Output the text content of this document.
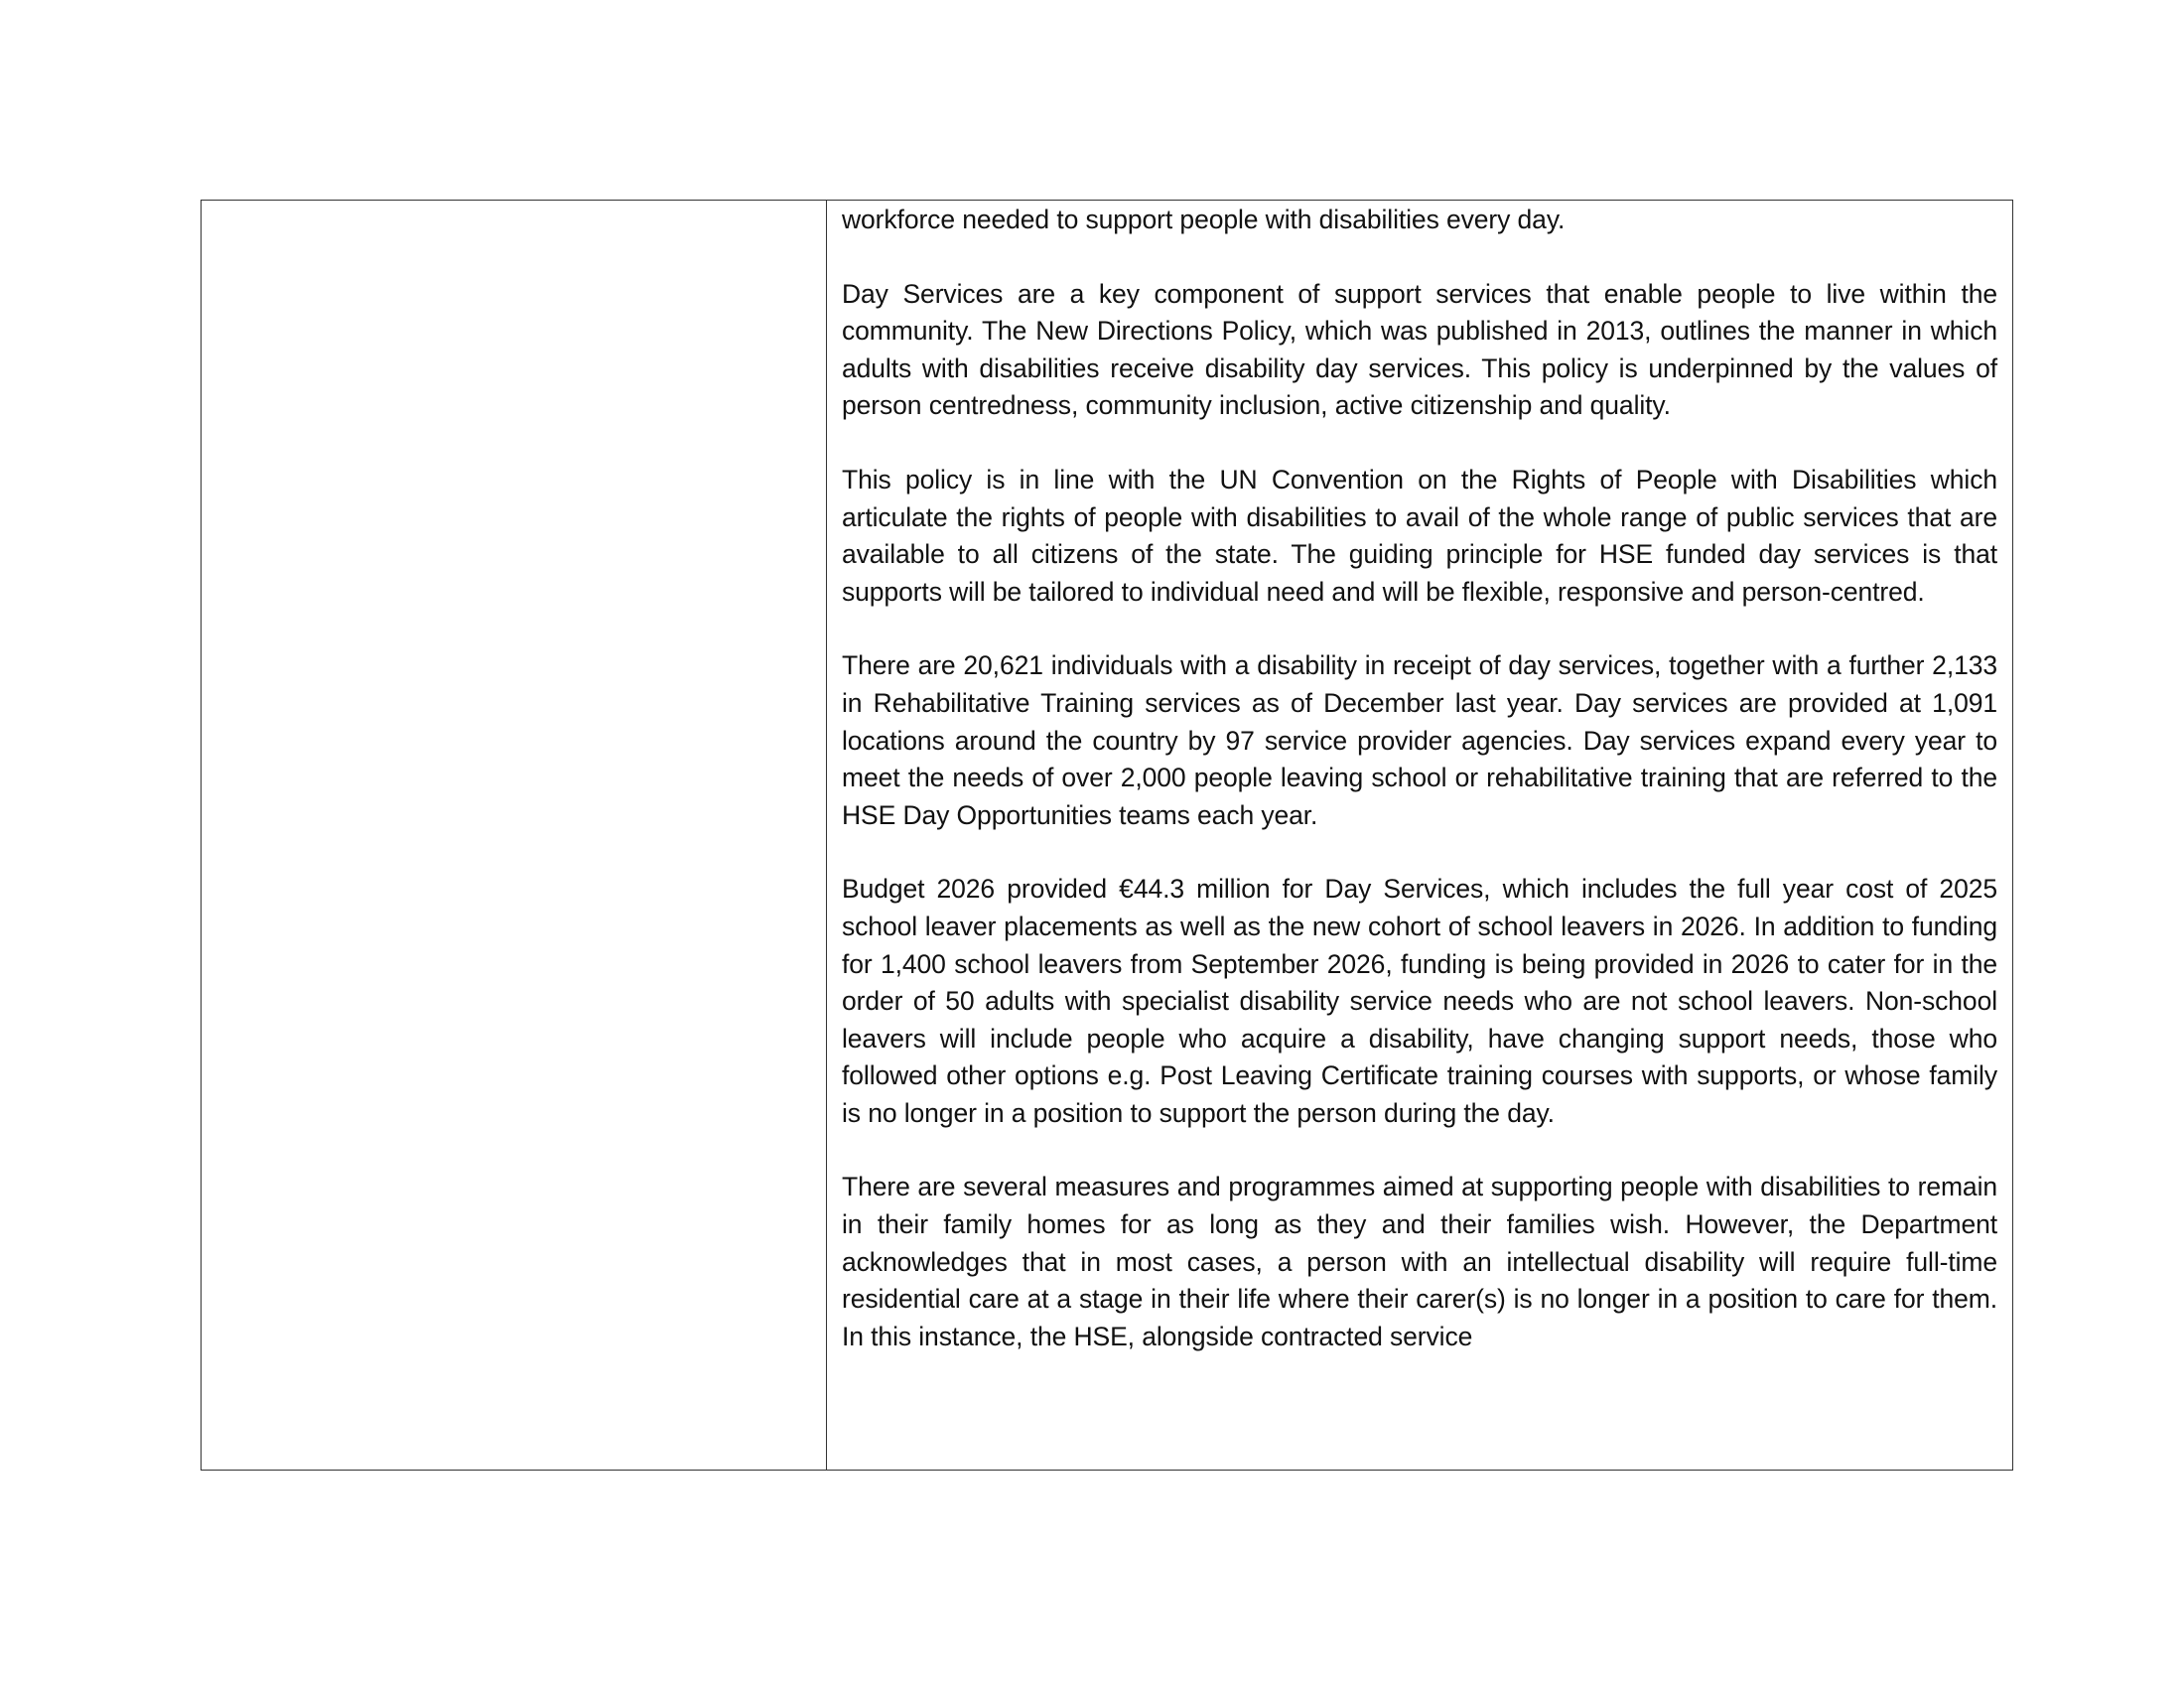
workforce needed to support people with disabilities every day.

Day Services are a key component of support services that enable people to live within the community. The New Directions Policy, which was published in 2013, outlines the manner in which adults with disabilities receive disability day services. This policy is underpinned by the values of person centredness, community inclusion, active citizenship and quality.

This policy is in line with the UN Convention on the Rights of People with Disabilities which articulate the rights of people with disabilities to avail of the whole range of public services that are available to all citizens of the state. The guiding principle for HSE funded day services is that supports will be tailored to individual need and will be flexible, responsive and person-centred.

There are 20,621 individuals with a disability in receipt of day services, together with a further 2,133 in Rehabilitative Training services as of December last year. Day services are provided at 1,091 locations around the country by 97 service provider agencies. Day services expand every year to meet the needs of over 2,000 people leaving school or rehabilitative training that are referred to the HSE Day Opportunities teams each year.

Budget 2026 provided €44.3 million for Day Services, which includes the full year cost of 2025 school leaver placements as well as the new cohort of school leavers in 2026. In addition to funding for 1,400 school leavers from September 2026, funding is being provided in 2026 to cater for in the order of 50 adults with specialist disability service needs who are not school leavers. Non-school leavers will include people who acquire a disability, have changing support needs, those who followed other options e.g. Post Leaving Certificate training courses with supports, or whose family is no longer in a position to support the person during the day.

There are several measures and programmes aimed at supporting people with disabilities to remain in their family homes for as long as they and their families wish. However, the Department acknowledges that in most cases, a person with an intellectual disability will require full-time residential care at a stage in their life where their carer(s) is no longer in a position to care for them. In this instance, the HSE, alongside contracted service
